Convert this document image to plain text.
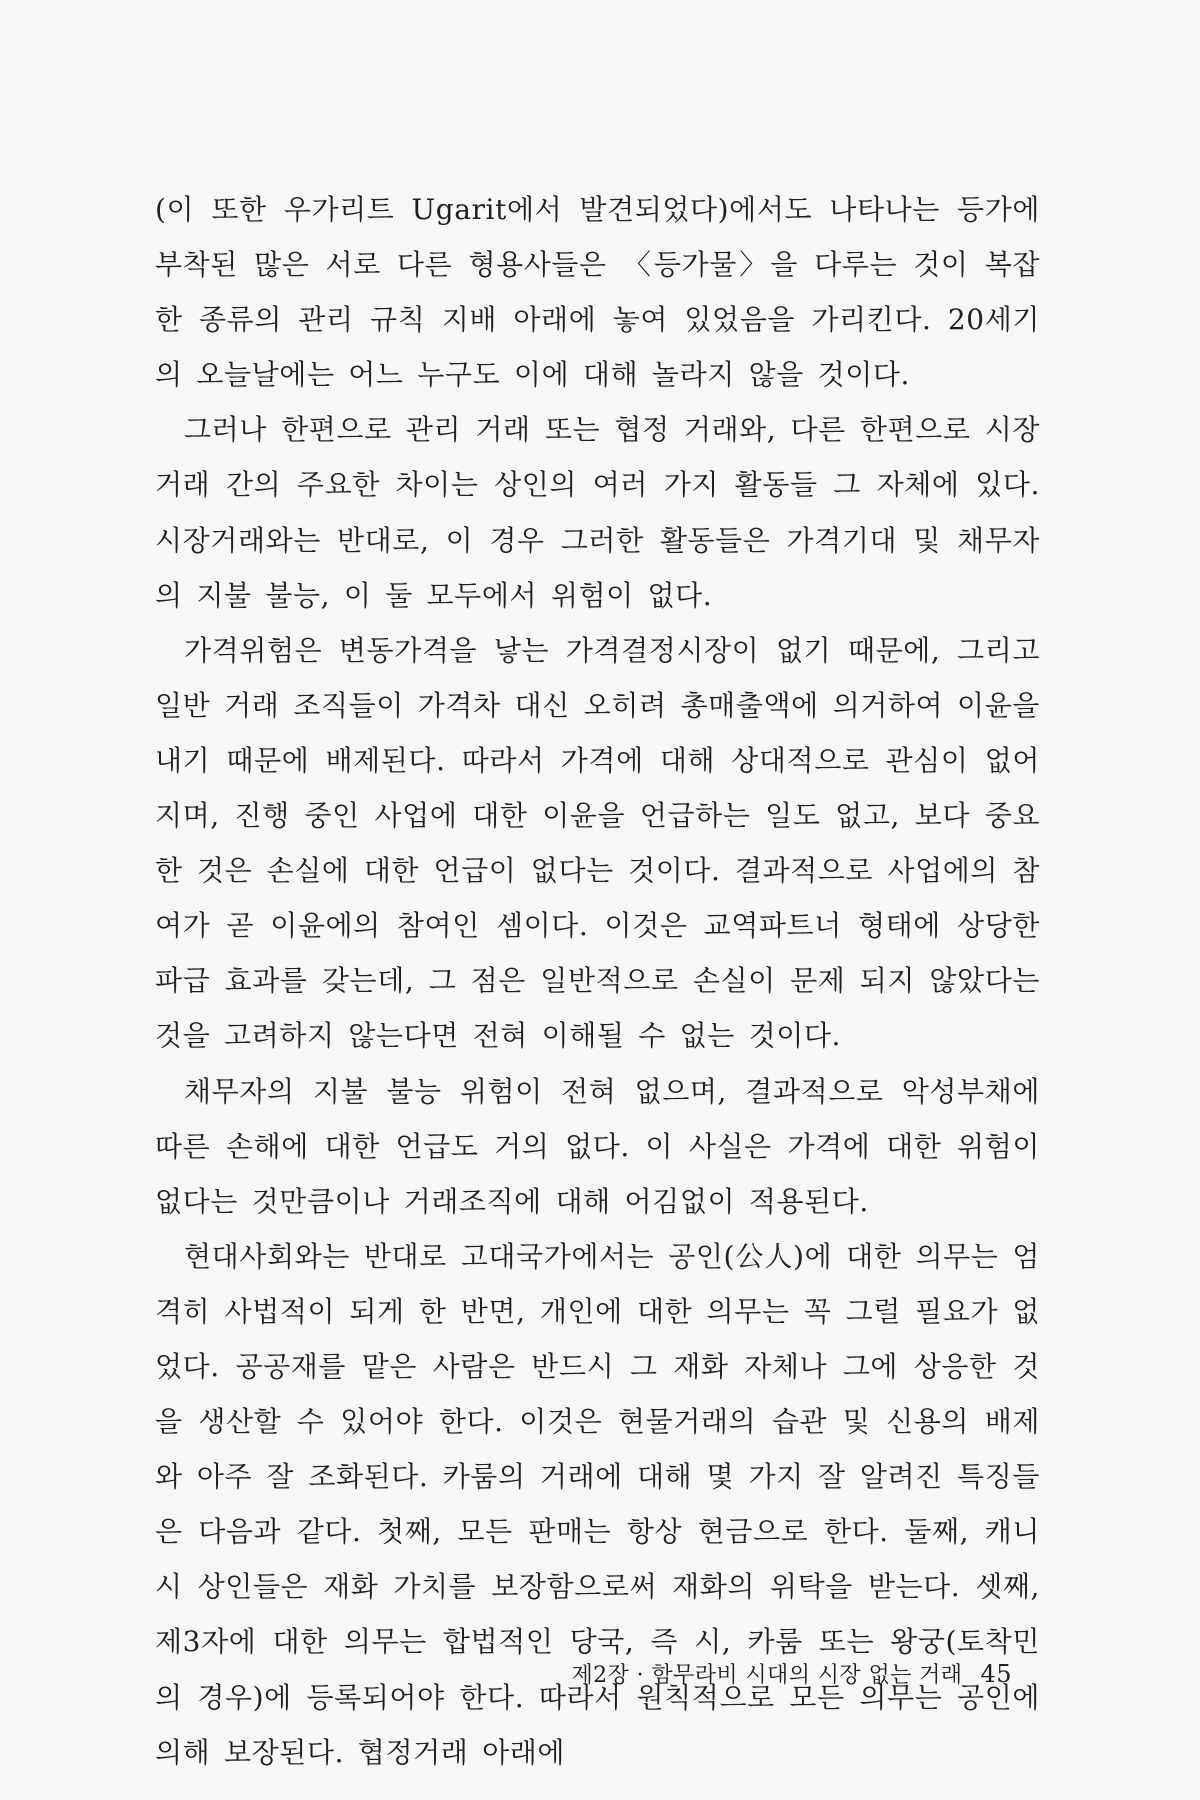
(이 또한 우가리트 Ugarit에서 발견되었다)에서도 나타나는 등가에 부착된 많은 서로 다른 형용사들은 〈등가물〉을 다루는 것이 복잡한 종류의 관리 규칙 지배 아래에 놓여 있었음을 가리킨다. 20세기의 오늘날에는 어느 누구도 이에 대해 놀라지 않을 것이다.

그러나 한편으로 관리 거래 또는 협정 거래와, 다른 한편으로 시장거래 간의 주요한 차이는 상인의 여러 가지 활동들 그 자체에 있다. 시장거래와는 반대로, 이 경우 그러한 활동들은 가격기대 및 채무자의 지불 불능, 이 둘 모두에서 위험이 없다.

가격위험은 변동가격을 낳는 가격결정시장이 없기 때문에, 그리고 일반 거래 조직들이 가격차 대신 오히려 총매출액에 의거하여 이윤을 내기 때문에 배제된다. 따라서 가격에 대해 상대적으로 관심이 없어지며, 진행 중인 사업에 대한 이윤을 언급하는 일도 없고, 보다 중요한 것은 손실에 대한 언급이 없다는 것이다. 결과적으로 사업에의 참여가 곧 이윤에의 참여인 셈이다. 이것은 교역파트너 형태에 상당한 파급 효과를 갖는데, 그 점은 일반적으로 손실이 문제 되지 않았다는 것을 고려하지 않는다면 전혀 이해될 수 없는 것이다.

채무자의 지불 불능 위험이 전혀 없으며, 결과적으로 악성부채에 따른 손해에 대한 언급도 거의 없다. 이 사실은 가격에 대한 위험이 없다는 것만큼이나 거래조직에 대해 어김없이 적용된다.

현대사회와는 반대로 고대국가에서는 공인(公人)에 대한 의무는 엄격히 사법적이 되게 한 반면, 개인에 대한 의무는 꼭 그럴 필요가 없었다. 공공재를 맡은 사람은 반드시 그 재화 자체나 그에 상응한 것을 생산할 수 있어야 한다. 이것은 현물거래의 습관 및 신용의 배제와 아주 잘 조화된다. 카룸의 거래에 대해 몇 가지 잘 알려진 특징들은 다음과 같다. 첫째, 모든 판매는 항상 현금으로 한다. 둘째, 캐니시 상인들은 재화 가치를 보장함으로써 재화의 위탁을 받는다. 셋째, 제3자에 대한 의무는 합법적인 당국, 즉 시, 카룸 또는 왕궁(토착민의 경우)에 등록되어야 한다. 따라서 원칙적으로 모든 의무는 공인에 의해 보장된다. 협정거래 아래에

제2장 · 함무라비 시대의 시장 없는 거래 45
